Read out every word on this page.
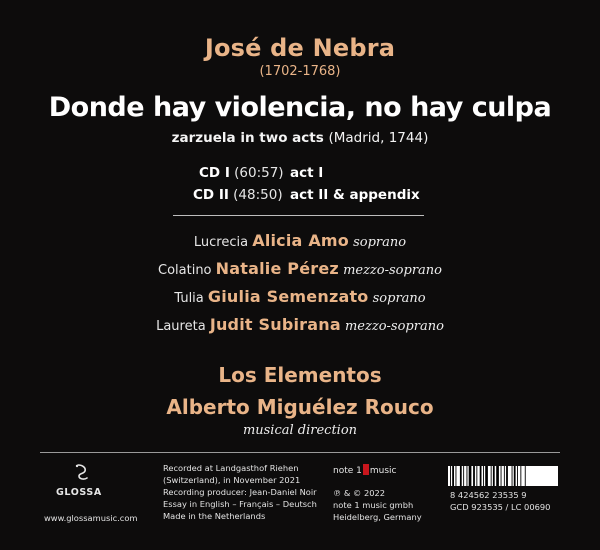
José de Nebra
(1702-1768)
Donde hay violencia, no hay culpa
zarzuela in two acts (Madrid, 1744)
CD I (60:57) act I
CD II (48:50) act II & appendix
Lucrecia Alicia Amo soprano
Colatino Natalie Pérez mezzo-soprano
Tulia Giulia Semenzato soprano
Laureta Judit Subirana mezzo-soprano
Los Elementos
Alberto Miguélez Rouco
musical direction
GLOSSA
www.glossamusic.com
Recorded at Landgasthof Riehen
(Switzerland), in November 2021
Recording producer: Jean-Daniel Noir
Essay in English – Français – Deutsch
Made in the Netherlands
note 1 music
℗ & © 2022
note 1 music gmbh
Heidelberg, Germany
8 424562 23535 9
GCD 923535 / LC 00690
